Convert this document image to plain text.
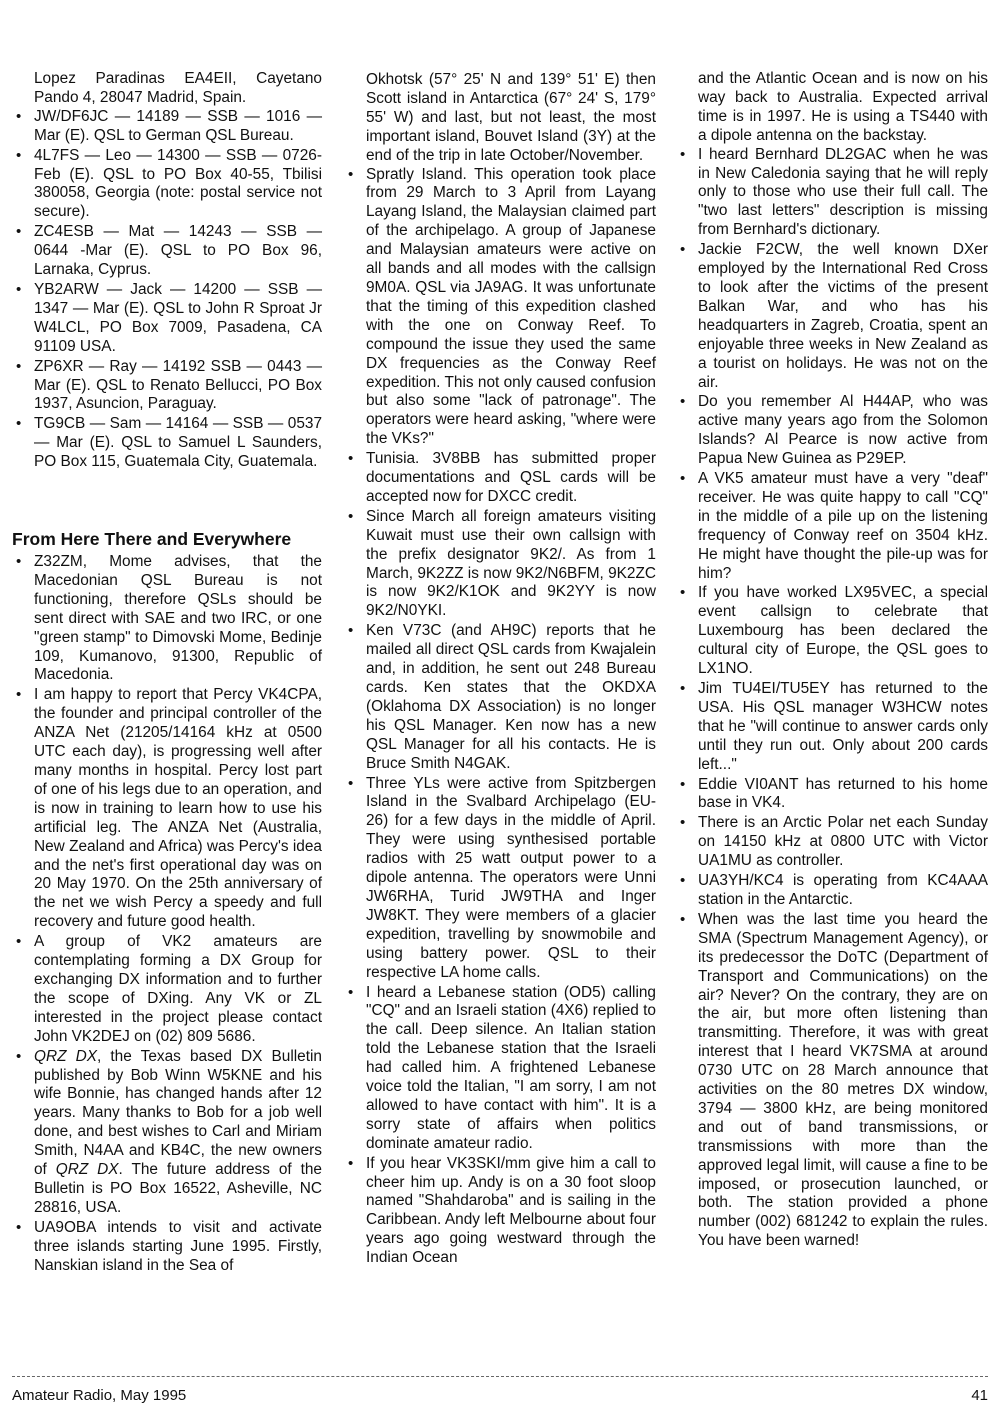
Lopez Paradinas EA4EII, Cayetano Pando 4, 28047 Madrid, Spain.

• JW/DF6JC — 14189 — SSB — 1016 — Mar (E). QSL to German QSL Bureau.
• 4L7FS — Leo — 14300 — SSB — 0726- Feb (E). QSL to PO Box 40-55, Tbilisi 380058, Georgia (note: postal service not secure).
• ZC4ESB — Mat — 14243 — SSB — 0644 -Mar (E). QSL to PO Box 96, Larnaka, Cyprus.
• YB2ARW — Jack — 14200 — SSB — 1347 — Mar (E). QSL to John R Sproat Jr W4LCL, PO Box 7009, Pasadena, CA 91109 USA.
• ZP6XR — Ray — 14192 SSB — 0443 — Mar (E). QSL to Renato Bellucci, PO Box 1937, Asuncion, Paraguay.
• TG9CB — Sam — 14164 — SSB — 0537 — Mar (E). QSL to Samuel L Saunders, PO Box 115, Guatemala City, Guatemala.
From Here There and Everywhere
• Z32ZM, Mome advises, that the Macedonian QSL Bureau is not functioning, therefore QSLs should be sent direct with SAE and two IRC, or one "green stamp" to Dimovski Mome, Bedinje 109, Kumanovo, 91300, Republic of Macedonia.
• I am happy to report that Percy VK4CPA, the founder and principal controller of the ANZA Net (21205/14164 kHz at 0500 UTC each day), is progressing well after many months in hospital. Percy lost part of one of his legs due to an operation, and is now in training to learn how to use his artificial leg. The ANZA Net (Australia, New Zealand and Africa) was Percy's idea and the net's first operational day was on 20 May 1970. On the 25th anniversary of the net we wish Percy a speedy and full recovery and future good health.
• A group of VK2 amateurs are contemplating forming a DX Group for exchanging DX information and to further the scope of DXing. Any VK or ZL interested in the project please contact John VK2DEJ on (02) 809 5686.
• QRZ DX, the Texas based DX Bulletin published by Bob Winn W5KNE and his wife Bonnie, has changed hands after 12 years. Many thanks to Bob for a job well done, and best wishes to Carl and Miriam Smith, N4AA and KB4C, the new owners of QRZ DX. The future address of the Bulletin is PO Box 16522, Asheville, NC 28816, USA.
• UA9OBA intends to visit and activate three islands starting June 1995. Firstly, Nanskian island in the Sea of

Okhotsk (57° 25' N and 139° 51' E) then Scott island in Antarctica (67° 24' S, 179° 55' W) and last, but not least, the most important island, Bouvet Island (3Y) at the end of the trip in late October/November.

• Spratly Island. This operation took place from 29 March to 3 April from Layang Layang Island, the Malaysian claimed part of the archipelago. A group of Japanese and Malaysian amateurs were active on all bands and all modes with the callsign 9M0A. QSL via JA9AG. It was unfortunate that the timing of this expedition clashed with the one on Conway Reef. To compound the issue they used the same DX frequencies as the Conway Reef expedition. This not only caused confusion but also some "lack of patronage". The operators were heard asking, "where were the VKs?"
• Tunisia. 3V8BB has submitted proper documentations and QSL cards will be accepted now for DXCC credit.
• Since March all foreign amateurs visiting Kuwait must use their own callsign with the prefix designator 9K2/. As from 1 March, 9K2ZZ is now 9K2/N6BFM, 9K2ZC is now 9K2/K1OK and 9K2YY is now 9K2/N0YKI.
• Ken V73C (and AH9C) reports that he mailed all direct QSL cards from Kwajalein and, in addition, he sent out 248 Bureau cards. Ken states that the OKDXA (Oklahoma DX Association) is no longer his QSL Manager. Ken now has a new QSL Manager for all his contacts. He is Bruce Smith N4GAK.
• Three YLs were active from Spitzbergen Island in the Svalbard Archipelago (EU-26) for a few days in the middle of April. They were using synthesised portable radios with 25 watt output power to a dipole antenna. The operators were Unni JW6RHA, Turid JW9THA and Inger JW8KT. They were members of a glacier expedition, travelling by snowmobile and using battery power. QSL to their respective LA home calls.
• I heard a Lebanese station (OD5) calling "CQ" and an Israeli station (4X6) replied to the call. Deep silence. An Italian station told the Lebanese station that the Israeli had called him. A frightened Lebanese voice told the Italian, "I am sorry, I am not allowed to have contact with him". It is a sorry state of affairs when politics dominate amateur radio.
• If you hear VK3SKI/mm give him a call to cheer him up. Andy is on a 30 foot sloop named "Shahdaroba" and is sailing in the Caribbean. Andy left Melbourne about four years ago going westward through the Indian Ocean

and the Atlantic Ocean and is now on his way back to Australia. Expected arrival time is in 1997. He is using a TS440 with a dipole antenna on the backstay.

• I heard Bernhard DL2GAC when he was in New Caledonia saying that he will reply only to those who use their full call. The "two last letters" description is missing from Bernhard's dictionary.
• Jackie F2CW, the well known DXer employed by the International Red Cross to look after the victims of the present Balkan War, and who has his headquarters in Zagreb, Croatia, spent an enjoyable three weeks in New Zealand as a tourist on holidays. He was not on the air.
• Do you remember Al H44AP, who was active many years ago from the Solomon Islands? Al Pearce is now active from Papua New Guinea as P29EP.
• A VK5 amateur must have a very "deaf" receiver. He was quite happy to call "CQ" in the middle of a pile up on the listening frequency of Conway reef on 3504 kHz. He might have thought the pile-up was for him?
• If you have worked LX95VEC, a special event callsign to celebrate that Luxembourg has been declared the cultural city of Europe, the QSL goes to LX1NO.
• Jim TU4EI/TU5EY has returned to the USA. His QSL manager W3HCW notes that he "will continue to answer cards only until they run out. Only about 200 cards left..."
• Eddie VI0ANT has returned to his home base in VK4.
• There is an Arctic Polar net each Sunday on 14150 kHz at 0800 UTC with Victor UA1MU as controller.
• UA3YH/KC4 is operating from KC4AAA station in the Antarctic.
• When was the last time you heard the SMA (Spectrum Management Agency), or its predecessor the DoTC (Department of Transport and Communications) on the air? Never? On the contrary, they are on the air, but more often listening than transmitting. Therefore, it was with great interest that I heard VK7SMA at around 0730 UTC on 28 March announce that activities on the 80 metres DX window, 3794 — 3800 kHz, are being monitored and out of band transmissions, or transmissions with more than the approved legal limit, will cause a fine to be imposed, or prosecution launched, or both. The station provided a phone number (002) 681242 to explain the rules. You have been warned!
Amateur Radio, May 1995	41
